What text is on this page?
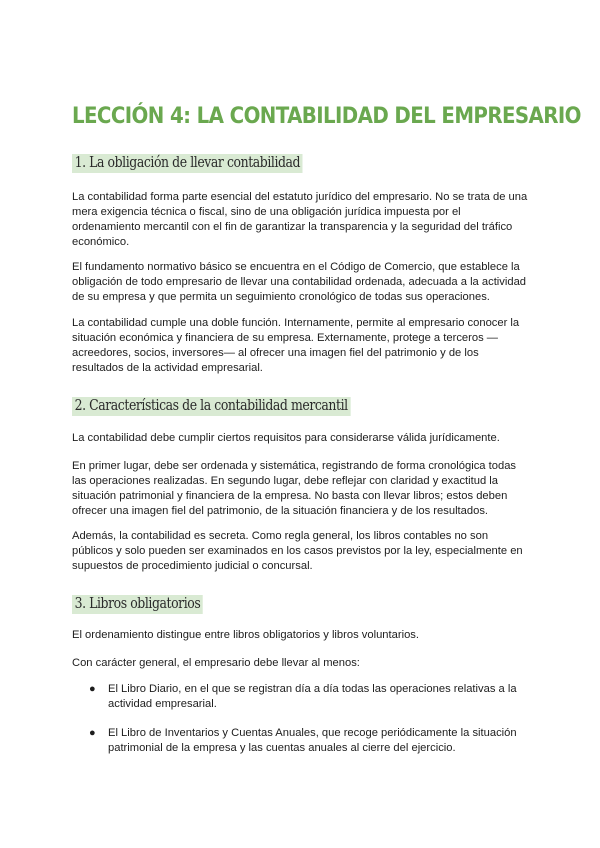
LECCIÓN 4: LA CONTABILIDAD DEL EMPRESARIO
1. La obligación de llevar contabilidad

La contabilidad forma parte esencial del estatuto jurídico del empresario. No se trata de una mera exigencia técnica o fiscal, sino de una obligación jurídica impuesta por el ordenamiento mercantil con el fin de garantizar la transparencia y la seguridad del tráfico económico.

El fundamento normativo básico se encuentra en el Código de Comercio, que establece la obligación de todo empresario de llevar una contabilidad ordenada, adecuada a la actividad de su empresa y que permita un seguimiento cronológico de todas sus operaciones.

La contabilidad cumple una doble función. Internamente, permite al empresario conocer la situación económica y financiera de su empresa. Externamente, protege a terceros —acreedores, socios, inversores— al ofrecer una imagen fiel del patrimonio y de los resultados de la actividad empresarial.

2. Características de la contabilidad mercantil

La contabilidad debe cumplir ciertos requisitos para considerarse válida jurídicamente.

En primer lugar, debe ser ordenada y sistemática, registrando de forma cronológica todas las operaciones realizadas. En segundo lugar, debe reflejar con claridad y exactitud la situación patrimonial y financiera de la empresa. No basta con llevar libros; estos deben ofrecer una imagen fiel del patrimonio, de la situación financiera y de los resultados.

Además, la contabilidad es secreta. Como regla general, los libros contables no son públicos y solo pueden ser examinados en los casos previstos por la ley, especialmente en supuestos de procedimiento judicial o concursal.

3. Libros obligatorios

El ordenamiento distingue entre libros obligatorios y libros voluntarios.

Con carácter general, el empresario debe llevar al menos:

● El Libro Diario, en el que se registran día a día todas las operaciones relativas a la actividad empresarial.
● El Libro de Inventarios y Cuentas Anuales, que recoge periódicamente la situación patrimonial de la empresa y las cuentas anuales al cierre del ejercicio.
